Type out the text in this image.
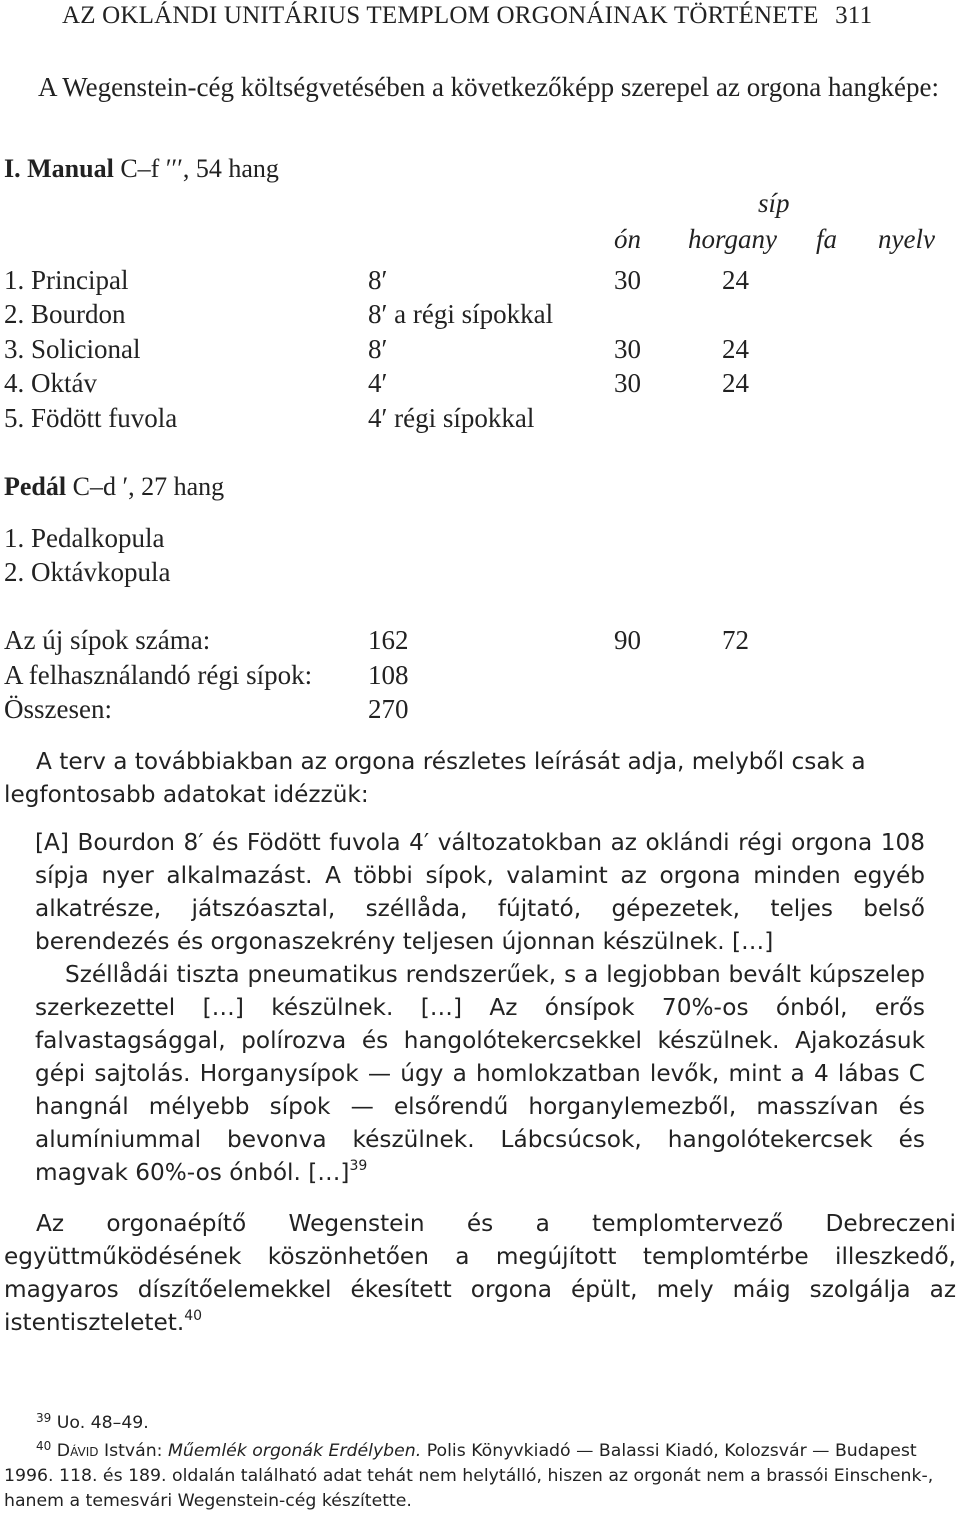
AZ OKLÁNDI UNITÁRIUS TEMPLOM ORGONÁINAK TÖRTÉNETE 311
A Wegenstein-cég költségvetésében a következőképp szerepel az orgona hangképe:
I. Manual C–f ′′′, 54 hang
síp
ón horgany fa nyelv
1. Principal	8′	30	24
2. Bourdon	8′ a régi sípokkal
3. Solicional	8′	30	24
4. Oktáv	4′	30	24
5. Födött fuvola	4′ régi sípokkal
Pedál C–d ′, 27 hang
1. Pedalkopula
2. Oktávkopula
Az új sípok száma:	162	90	72
A felhasználandó régi sípok: 108
Összesen:	270
A terv a továbbiakban az orgona részletes leírását adja, melyből csak a legfontosabb adatokat idézzük:

[A] Bourdon 8′ és Födött fuvola 4′ változatokban az oklándi régi orgona 108 sípja nyer alkalmazást. A többi sípok, valamint az orgona minden egyéb alkatrésze, játszóasztal, széllåda, fújtató, gépezetek, teljes belső berendezés és orgonaszekrény teljesen újonnan készülnek. […]

Széllådái tiszta pneumatikus rendszerűek, s a legjobban bevált kúpszelep szerkezettel […] készülnek. […] Az ónsípok 70%-os ónból, erős falvastagsággal, polírozva és hangolótekercsekkel készülnek. Ajakozásuk gépi sajtolás. Horganysípok — úgy a homlokzatban levők, mint a 4 lábas C hangnál mélyebb sípok — elsőrendű horganylemezből, masszívan és alumíniummal bevonva készülnek. Lábcsúcsok, hangolótekercsek és magvak 60%-os ónból. […]$^{39}$

Az orgonaépítő Wegenstein és a templomtervező Debreczeni együttműködésének köszönhetően a megújított templomtérbe illeszkedő, magyaros díszítőelemekkel ékesített orgona épült, mely máig szolgálja az istentiszteletet.$^{40}$
$^{39}$ Uo. 48–49.
$^{40}$ Dávid István: Műemlék orgonák Erdélyben. Polis Könyvkiadó — Balassi Kiadó, Kolozsvár — Budapest 1996. 118. és 189. oldalán található adat tehát nem helytálló, hiszen az orgonát nem a brassói Einschenk-, hanem a temesvári Wegenstein-cég készítette.
